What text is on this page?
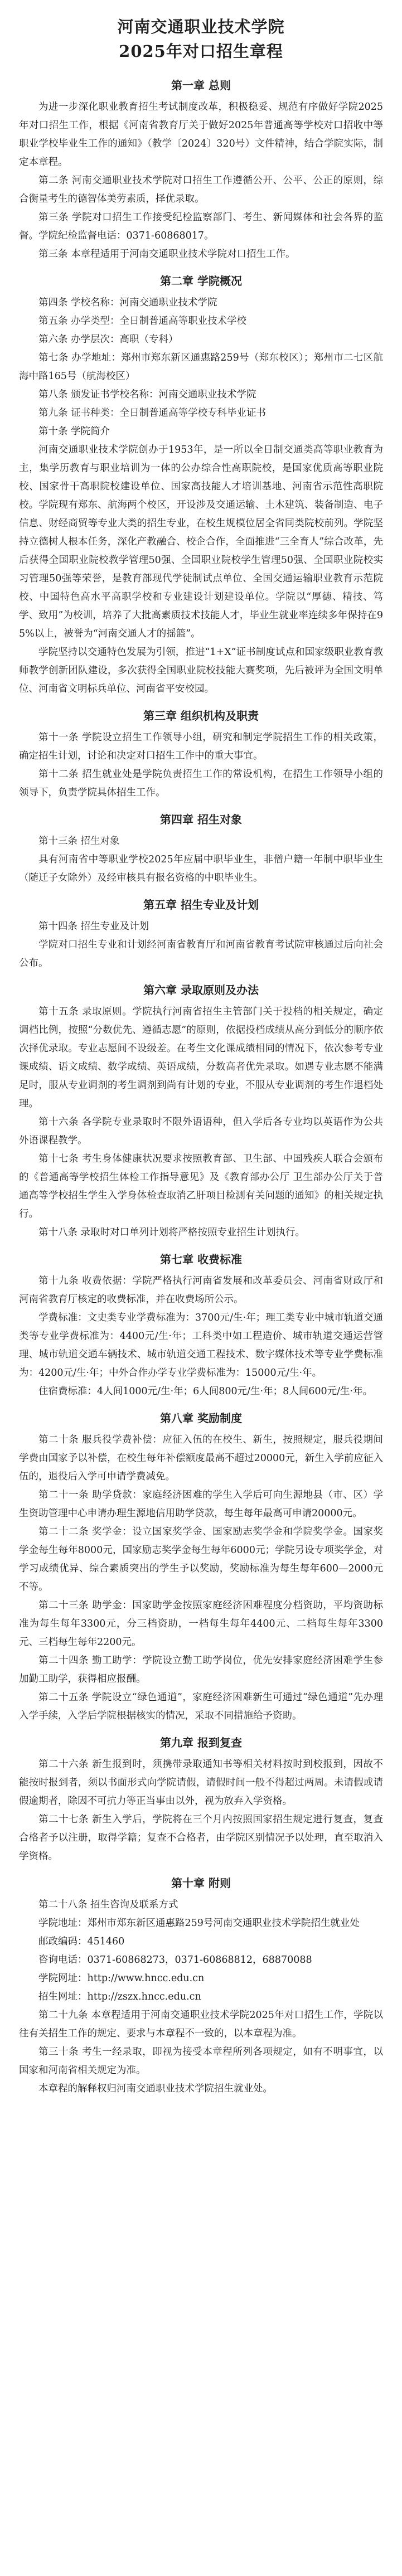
河南交通职业技术学院
2025年对口招生章程
第一章 总则
为进一步深化职业教育招生考试制度改革，积极稳妥、规范有序做好学院2025年对口招生工作，根据《河南省教育厅关于做好2025年普通高等学校对口招收中等职业学校毕业生工作的通知》（教学〔2024〕320号）文件精神，结合学院实际，制定本章程。
第二条 河南交通职业技术学院对口招生工作遵循公开、公平、公正的原则，综合衡量考生的德智体美劳素质，择优录取。
第三条 学院对口招生工作接受纪检监察部门、考生、新闻媒体和社会各界的监督。学院纪检监督电话：0371-60868017。
第三条 本章程适用于河南交通职业技术学院对口招生工作。
第二章 学院概况
第四条 学校名称：河南交通职业技术学院
第五条 办学类型：全日制普通高等职业技术学校
第六条 办学层次：高职（专科）
第七条 办学地址：郑州市郑东新区通惠路259号（郑东校区）；郑州市二七区航海中路165号（航海校区）
第八条 颁发证书学校名称：河南交通职业技术学院
第九条 证书种类：全日制普通高等学校专科毕业证书
第十条 学院简介
河南交通职业技术学院创办于1953年，是一所以全日制交通类高等职业教育为主，集学历教育与职业培训为一体的公办综合性高职院校，是国家优质高等职业院校、国家骨干高职院校建设单位、国家高技能人才培训基地、河南省示范性高职院校。学院现有郑东、航海两个校区，开设涉及交通运输、土木建筑、装备制造、电子信息、财经商贸等专业大类的招生专业，在校生规模位居全省同类院校前列。学院坚持立德树人根本任务，深化产教融合、校企合作，全面推进“三全育人”综合改革，先后获得全国职业院校教学管理50强、全国职业院校学生管理50强、全国职业院校实习管理50强等荣誉，是教育部现代学徒制试点单位、全国交通运输职业教育示范院校、中国特色高水平高职学校和专业建设计划建设单位。学院以“厚德、精技、笃学、致用”为校训，培养了大批高素质技术技能人才，毕业生就业率连续多年保持在95%以上，被誉为“河南交通人才的摇篮”。
学院坚持以交通特色发展为引领，推进“1+X”证书制度试点和国家级职业教育教师教学创新团队建设，多次获得全国职业院校技能大赛奖项，先后被评为全国文明单位、河南省文明标兵单位、河南省平安校园。
第三章 组织机构及职责
第十一条 学院设立招生工作领导小组，研究和制定学院招生工作的相关政策，确定招生计划，讨论和决定对口招生工作中的重大事宜。
第十二条 招生就业处是学院负责招生工作的常设机构，在招生工作领导小组的领导下，负责学院具体招生工作。
第四章 招生对象
第十三条 招生对象
具有河南省中等职业学校2025年应届中职毕业生，非僧户籍一年制中职毕业生（随迁子女除外）及经审核具有报名资格的中职毕业生。
第五章 招生专业及计划
第十四条 招生专业及计划
学院对口招生专业和计划经河南省教育厅和河南省教育考试院审核通过后向社会公布。
第六章 录取原则及办法
第十五条 录取原则。学院执行河南省招生主管部门关于投档的相关规定，确定调档比例，按照“分数优先、遵循志愿”的原则，依据投档成绩从高分到低分的顺序依次择优录取。专业志愿间不设级差。在考生文化课成绩相同的情况下，依次参考专业课成绩、语文成绩、数学成绩、英语成绩，分数高者优先录取。如遇专业志愿不能满足时，服从专业调剂的考生调剂到尚有计划的专业，不服从专业调剂的考生作退档处理。
第十六条 各学院专业录取时不限外语语种，但入学后各专业均以英语作为公共外语课程教学。
第十七条 考生身体健康状况要求按照教育部、卫生部、中国残疾人联合会颁布的《普通高等学校招生体检工作指导意见》及《教育部办公厅 卫生部办公厅关于普通高等学校招生学生入学身体检查取消乙肝项目检测有关问题的通知》的相关规定执行。
第十八条 录取时对口单列计划将严格按照专业招生计划执行。
第七章 收费标准
第十九条 收费依据：学院严格执行河南省发展和改革委员会、河南省财政厅和河南省教育厅核定的收费标准，并在收费场所公示。
学费标准：文史类专业学费标准为：3700元/生·年；理工类专业中城市轨道交通类等专业学费标准为：4400元/生·年；工科类中如工程造价、城市轨道交通运营管理、城市轨道交通车辆技术、城市轨道交通工程技术、数字媒体技术等专业学费标准为：4200元/生·年；中外合作办学专业学费标准为：15000元/生·年。
住宿费标准：4人间1000元/生·年；6人间800元/生·年；8人间600元/生·年。
第八章 奖励制度
第二十条 服兵役学费补偿：应征入伍的在校生、新生，按照规定，服兵役期间学费由国家予以补偿，在校生每年补偿额度最高不超过20000元，新生入学前应征入伍的，退役后入学可申请学费减免。
第二十一条 助学贷款：家庭经济困难的学生入学后可向生源地县（市、区）学生资助管理中心申请办理生源地信用助学贷款，每生每年最高可申请20000元。
第二十二条 奖学金：设立国家奖学金、国家励志奖学金和学院奖学金。国家奖学金每生每年8000元，国家励志奖学金每生每年6000元；学院另设专项奖学金，对学习成绩优异、综合素质突出的学生予以奖励，奖励标准为每生每年600—2000元不等。
第二十三条 助学金：国家助学金按照家庭经济困难程度分档资助，平均资助标准为每生每年3300元，分三档资助，一档每生每年4400元、二档每生每年3300元、三档每生每年2200元。
第二十四条 勤工助学：学院设立勤工助学岗位，优先安排家庭经济困难学生参加勤工助学，获得相应报酬。
第二十五条 学院设立“绿色通道”，家庭经济困难新生可通过“绿色通道”先办理入学手续，入学后学院根据核实的情况，采取不同措施给予资助。
第九章 报到复查
第二十六条 新生报到时，须携带录取通知书等相关材料按时到校报到，因故不能按时报到者，须以书面形式向学院请假，请假时间一般不得超过两周。未请假或请假逾期者，除因不可抗力等正当事由以外，视为放弃入学资格。
第二十七条 新生入学后，学院将在三个月内按照国家招生规定进行复查，复查合格者予以注册，取得学籍；复查不合格者，由学院区别情况予以处理，直至取消入学资格。
第十章 附则
第二十八条 招生咨询及联系方式
学院地址：郑州市郑东新区通惠路259号河南交通职业技术学院招生就业处
邮政编码：451460
咨询电话：0371-60868273，0371-60868812，68870088
学院网址：http://www.hncc.edu.cn
招生网址：http://zszx.hncc.edu.cn
第二十九条 本章程适用于河南交通职业技术学院2025年对口招生工作，学院以往有关招生工作的规定、要求与本章程不一致的，以本章程为准。
第三十条 考生一经录取，即视为接受本章程所列各项规定，如有不明事宜，以国家和河南省相关规定为准。
本章程的解释权归河南交通职业技术学院招生就业处。
